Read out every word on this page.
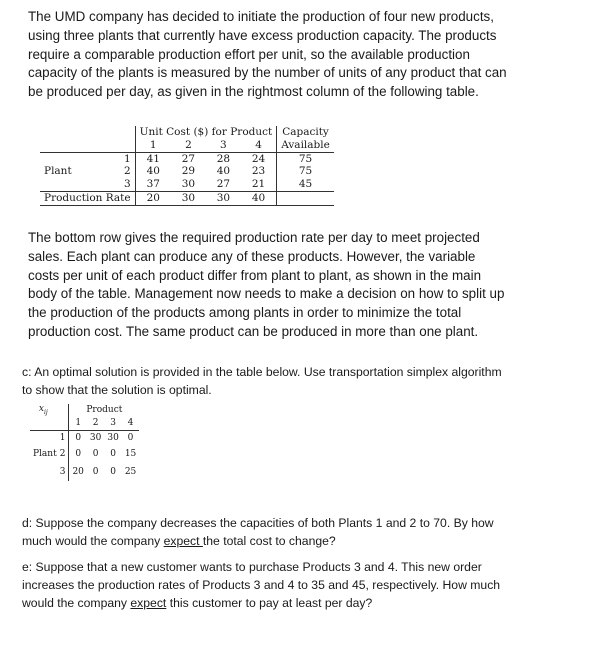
The UMD company has decided to initiate the production of four new products, using three plants that currently have excess production capacity. The products require a comparable production effort per unit, so the available production capacity of the plants is measured by the number of units of any product that can be produced per day, as given in the rightmost column of the following table.

		Unit Cost ($) for Product				Capacity
		1	2	3	4	Available
	1	41	27	28	24	75
Plant	2	40	29	40	23	75
	3	37	30	27	21	45
Production Rate		20	30	30	40	

The bottom row gives the required production rate per day to meet projected sales. Each plant can produce any of these products. However, the variable costs per unit of each product differ from plant to plant, as shown in the main body of the table. Management now needs to make a decision on how to split up the production of the products among plants in order to minimize the total production cost. The same product can be produced in more than one plant.

c: An optimal solution is provided in the table below. Use transportation simplex algorithm to show that the solution is optimal.

$x_{ij}$		Product			
		1	2	3	4
	1	0	30	30	0
Plant	2	0	0	0	15
	3	20	0	0	25

d: Suppose the company decreases the capacities of both Plants 1 and 2 to 70. By how much would the company expect the total cost to change?

e: Suppose that a new customer wants to purchase Products 3 and 4. This new order increases the production rates of Products 3 and 4 to 35 and 45, respectively. How much would the company expect this customer to pay at least per day?
